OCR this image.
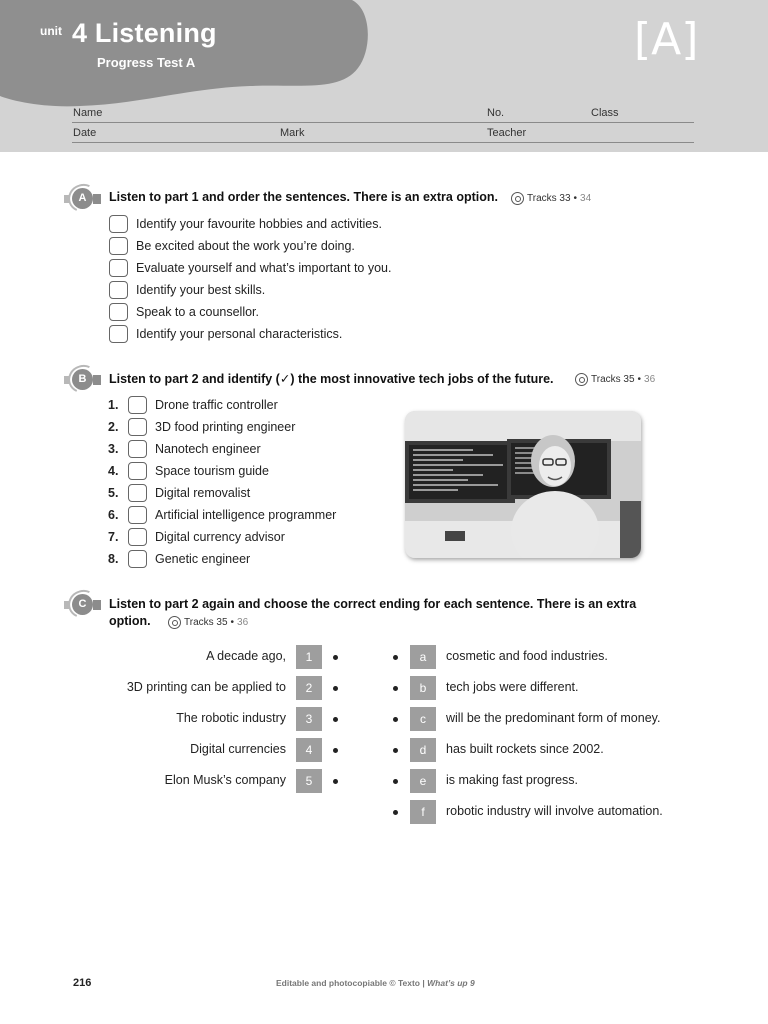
unit 4 Listening
Progress Test A	[A]
Name	No.	Class
Date	Mark	Teacher
A	Listen to part 1 and order the sentences. There is an extra option.	Tracks 33 • 34
Identify your favourite hobbies and activities.
Be excited about the work you’re doing.
Evaluate yourself and what’s important to you.
Identify your best skills.
Speak to a counsellor.
Identify your personal characteristics.
B	Listen to part 2 and identify (✓) the most innovative tech jobs of the future.	Tracks 35 • 36
1.	Drone traffic controller
2.	3D food printing engineer
3.	Nanotech engineer
4.	Space tourism guide
5.	Digital removalist
6.	Artificial intelligence programmer
7.	Digital currency advisor
8.	Genetic engineer
C	Listen to part 2 again and choose the correct ending for each sentence. There is an extra
option.	Tracks 35 • 36
A decade ago,	1
3D printing can be applied to	2
The robotic industry	3
Digital currencies	4
Elon Musk’s company	5
a	cosmetic and food industries.
b	tech jobs were different.
c	will be the predominant form of money.
d	has built rockets since 2002.
e	is making fast progress.
f	robotic industry will involve automation.
216	Editable and photocopiable © Texto | What’s up 9
